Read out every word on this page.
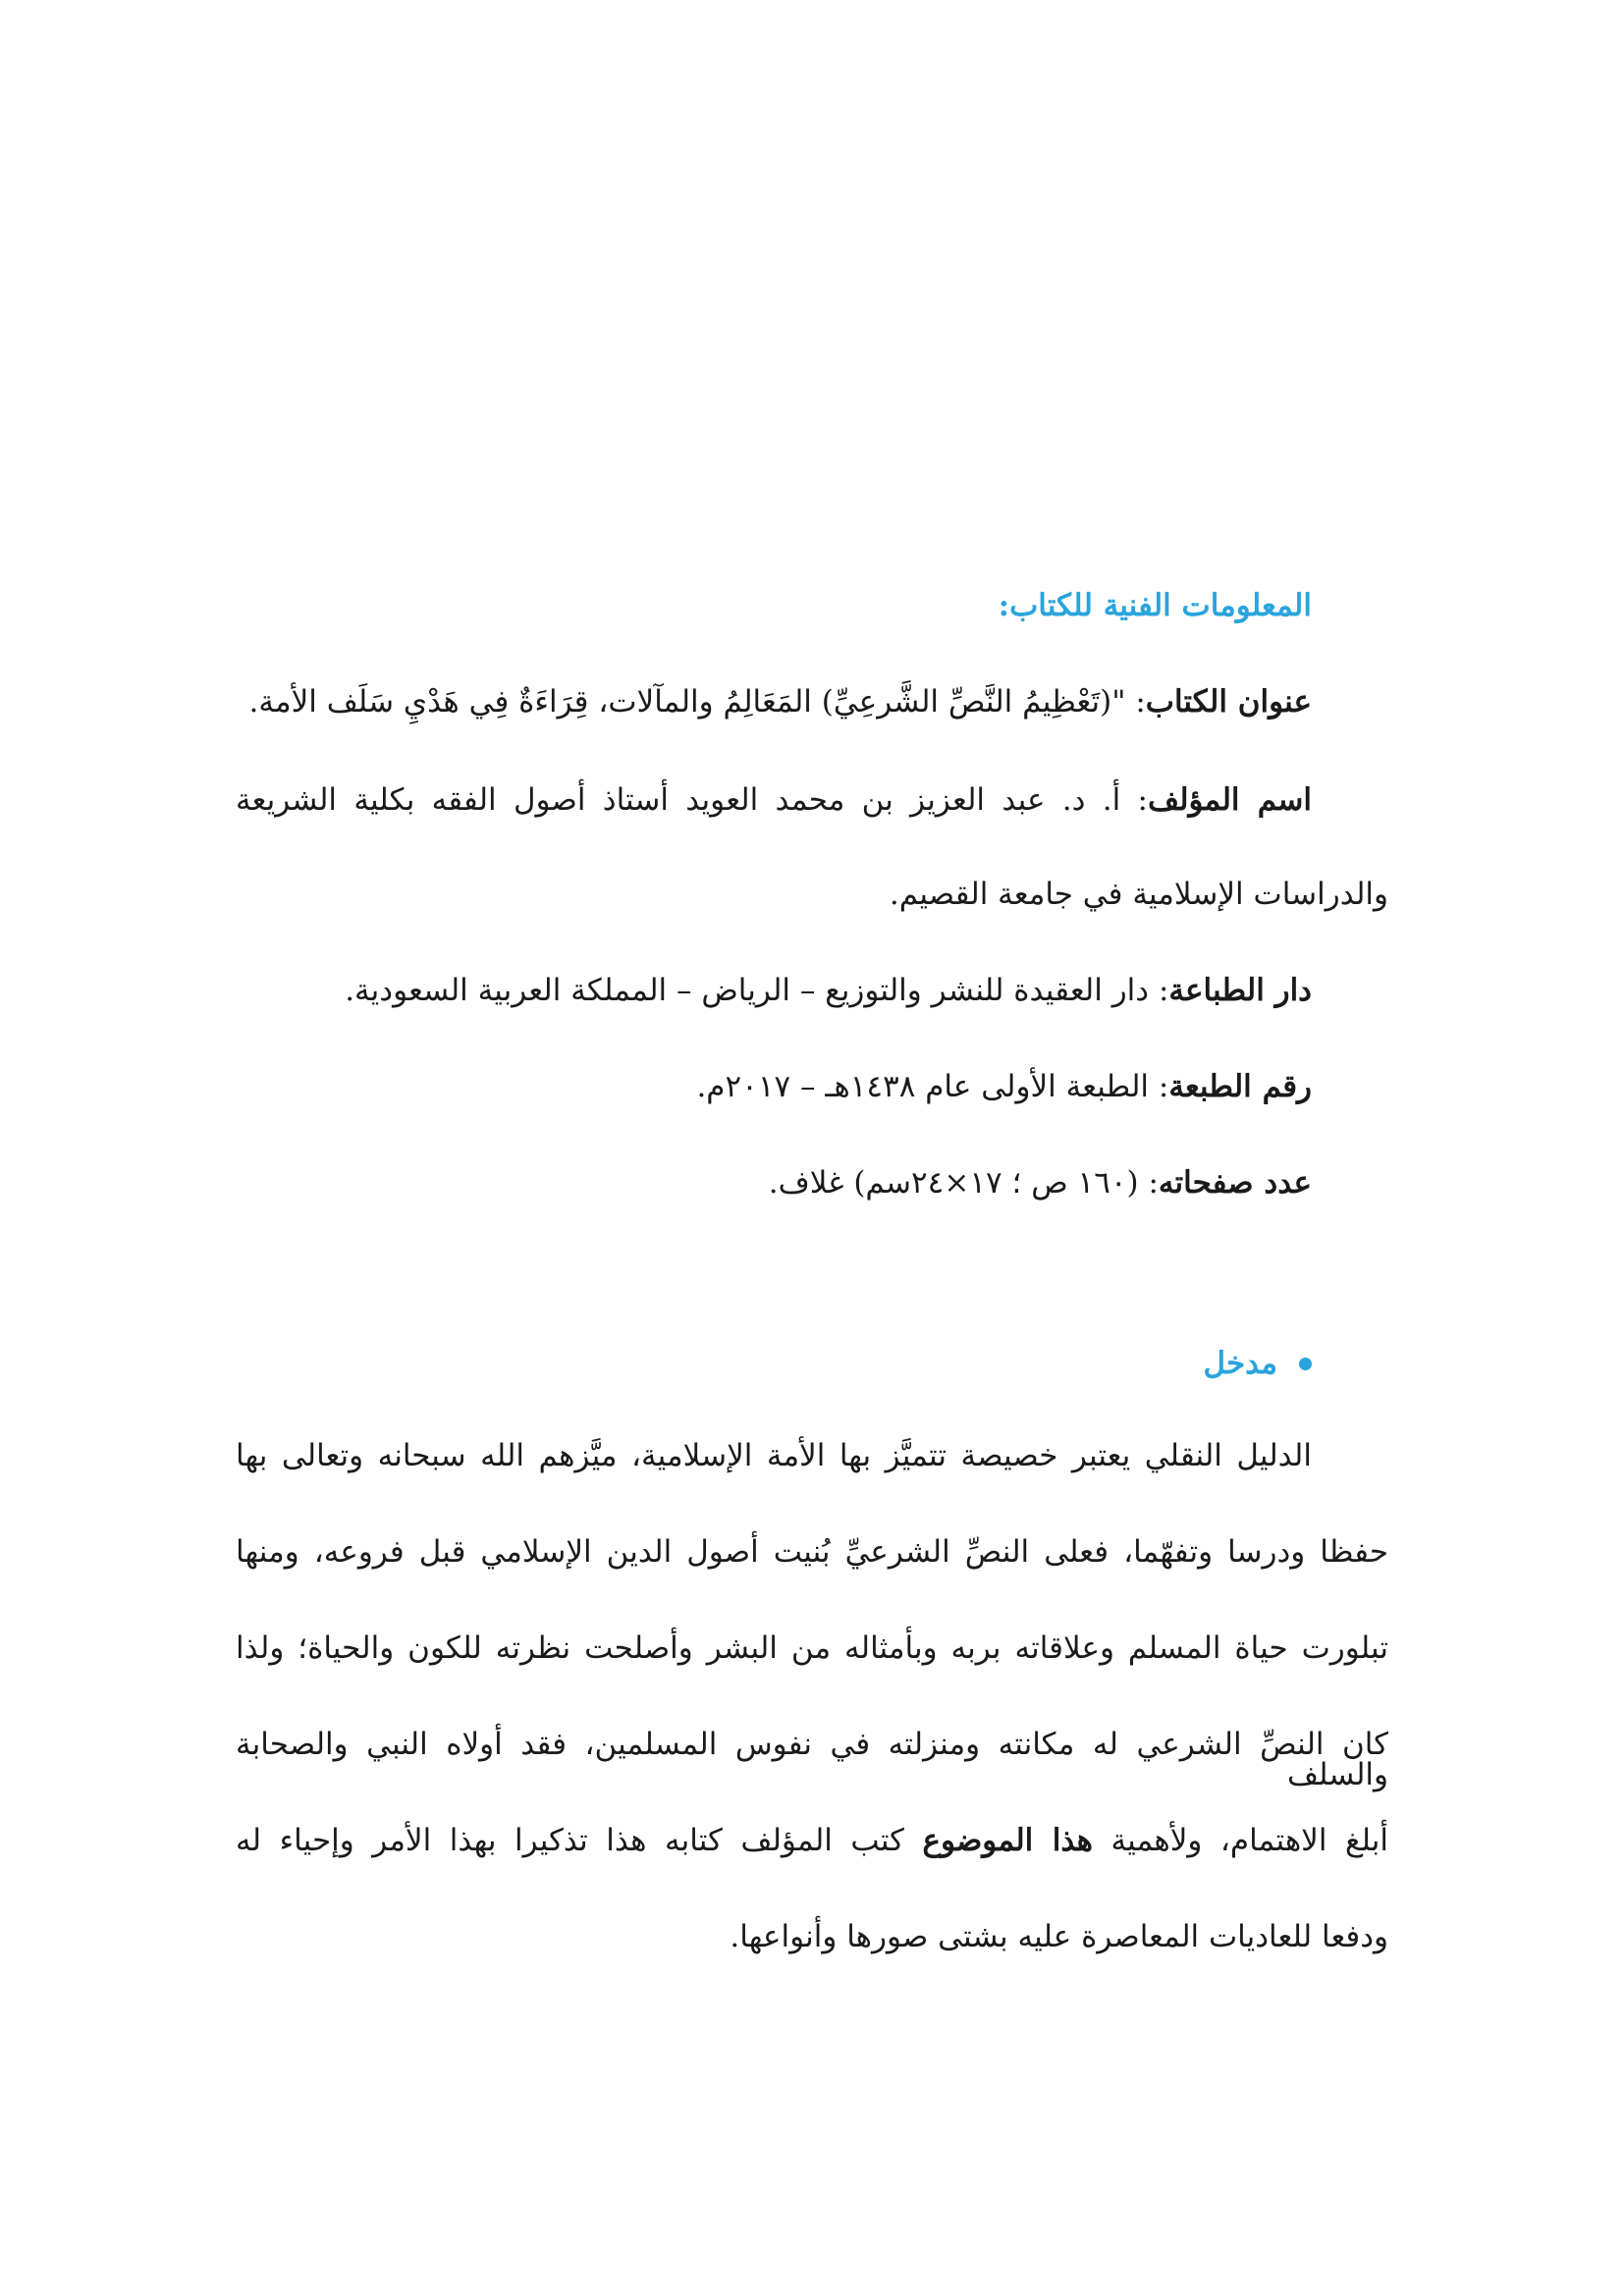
المعلومات الفنية للكتاب:
عنوان الكتاب: "(تَعْظِيمُ النَّصِّ الشَّرعِيِّ) المَعَالِمُ والمآلات، قِرَاءَةٌ فِي هَدْيِ سَلَف الأمة.
اسم المؤلف: أ. د. عبد العزيز بن محمد العويد أستاذ أصول الفقه بكلية الشريعة
والدراسات الإسلامية في جامعة القصيم.
دار الطباعة: دار العقيدة للنشر والتوزيع – الرياض – المملكة العربية السعودية.
رقم الطبعة: الطبعة الأولى عام ١٤٣٨هـ – ٢٠١٧م.
عدد صفحاته: (١٦٠ ص ؛ ١٧×٢٤سم) غلاف.
مدخل
الدليل النقلي يعتبر خصيصة تتميَّز بها الأمة الإسلامية، ميَّزهم الله سبحانه وتعالى بها
حفظا ودرسا وتفهّما، فعلى النصِّ الشرعيِّ بُنيت أصول الدين الإسلامي قبل فروعه، ومنها
تبلورت حياة المسلم وعلاقاته بربه وبأمثاله من البشر وأصلحت نظرته للكون والحياة؛ ولذا
كان النصِّ الشرعي له مكانته ومنزلته في نفوس المسلمين، فقد أولاه النبي والصحابة والسلف
أبلغ الاهتمام، ولأهمية هذا الموضوع كتب المؤلف كتابه هذا تذكيرا بهذا الأمر وإحياء له
ودفعا للعاديات المعاصرة عليه بشتى صورها وأنواعها.
